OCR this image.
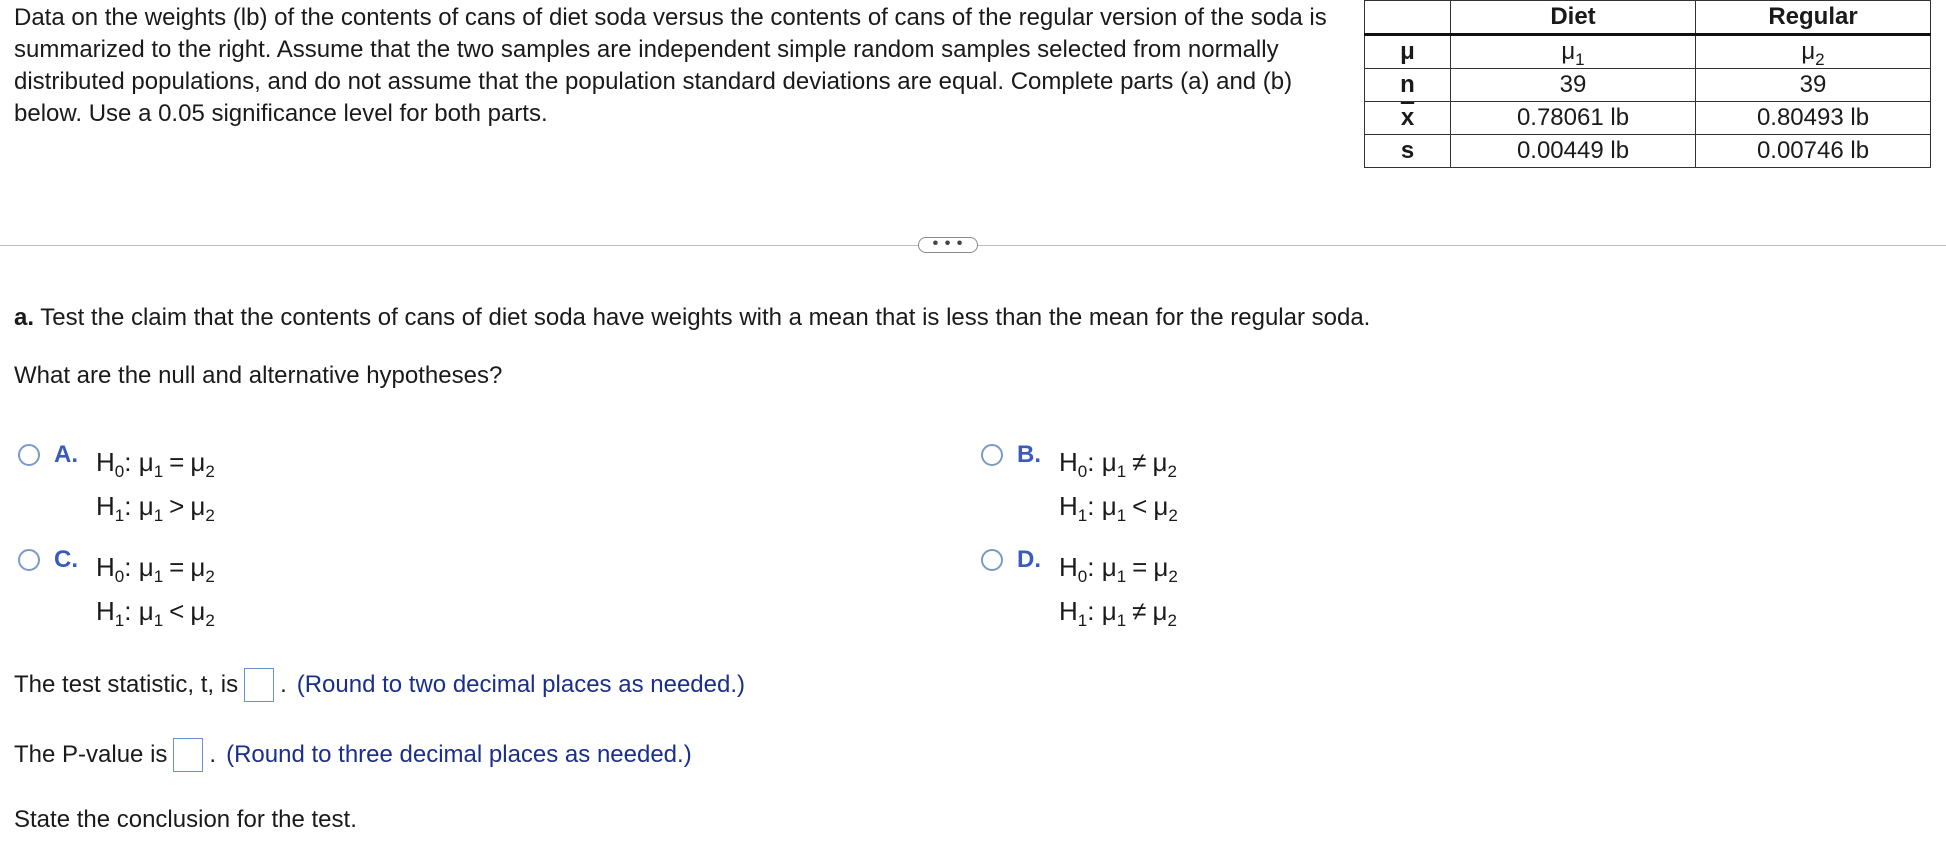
Data on the weights (lb) of the contents of cans of diet soda versus the contents of cans of the regular version of the soda is summarized to the right. Assume that the two samples are independent simple random samples selected from normally distributed populations, and do not assume that the population standard deviations are equal. Complete parts (a) and (b) below. Use a 0.05 significance level for both parts.

	Diet	Regular
μ	$\mu_1$	$\mu_2$
n	39	39
$\overline{x}$	0.78061 lb	0.80493 lb
s	0.00449 lb	0.00746 lb
• • •

a. Test the claim that the contents of cans of diet soda have weights with a mean that is less than the mean for the regular soda.

What are the null and alternative hypotheses?

A. $H_0$: $\mu_1 = \mu_2$
$H_1$: $\mu_1 > \mu_2$
B. $H_0$: $\mu_1 \ne \mu_2$
$H_1$: $\mu_1 < \mu_2$
C. $H_0$: $\mu_1 = \mu_2$
$H_1$: $\mu_1 < \mu_2$
D. $H_0$: $\mu_1 = \mu_2$
$H_1$: $\mu_1 \ne \mu_2$
The test statistic, t, is . (Round to two decimal places as needed.)
The P-value is . (Round to three decimal places as needed.)

State the conclusion for the test.
